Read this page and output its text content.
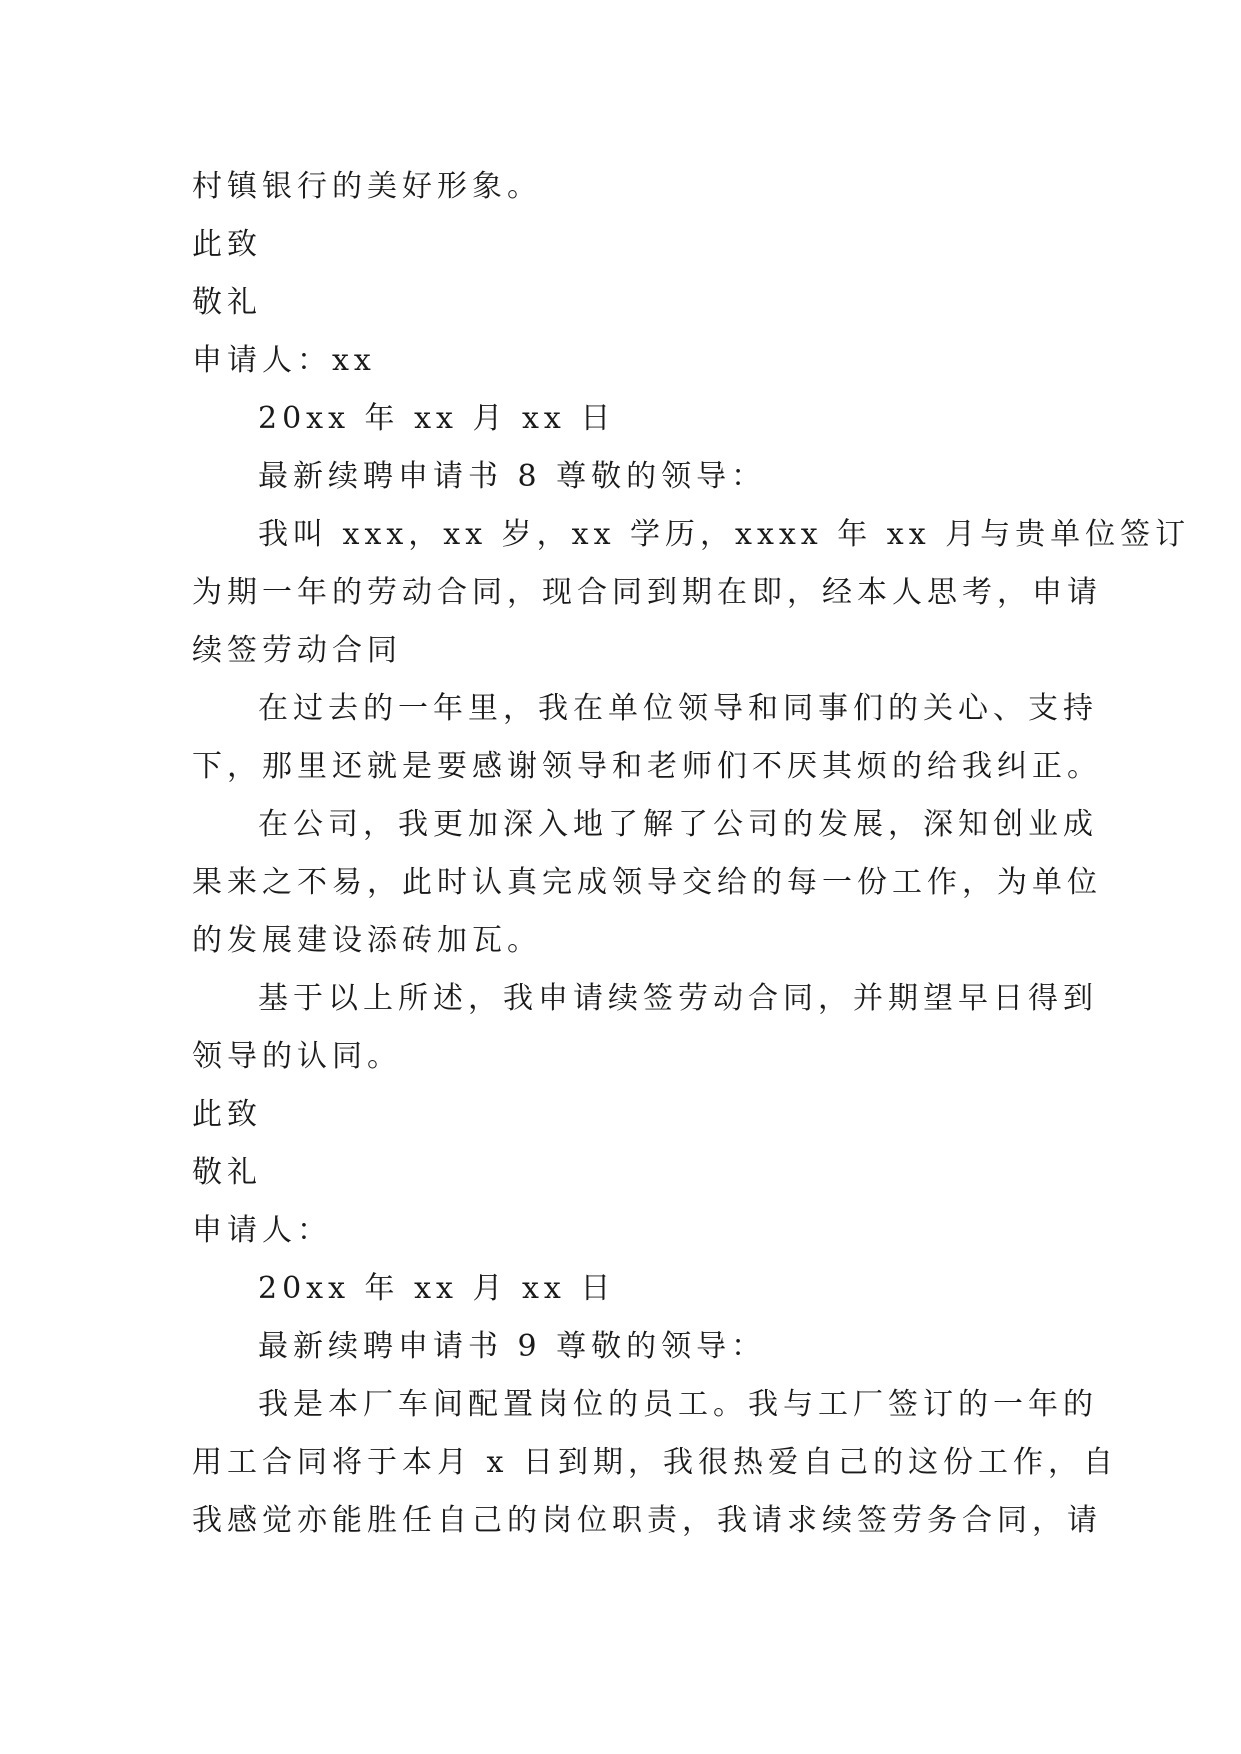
村镇银行的美好形象。
此致
敬礼
申请人：xx
20xx 年 xx 月 xx 日
最新续聘申请书 8 尊敬的领导：
我叫 xxx，xx 岁，xx 学历，xxxx 年 xx 月与贵单位签订
为期一年的劳动合同，现合同到期在即，经本人思考，申请
续签劳动合同
在过去的一年里，我在单位领导和同事们的关心、支持
下，那里还就是要感谢领导和老师们不厌其烦的给我纠正。
在公司，我更加深入地了解了公司的发展，深知创业成
果来之不易，此时认真完成领导交给的每一份工作，为单位
的发展建设添砖加瓦。
基于以上所述，我申请续签劳动合同，并期望早日得到
领导的认同。
此致
敬礼
申请人：
20xx 年 xx 月 xx 日
最新续聘申请书 9 尊敬的领导：
我是本厂车间配置岗位的员工。我与工厂签订的一年的
用工合同将于本月 x 日到期，我很热爱自己的这份工作，自
我感觉亦能胜任自己的岗位职责，我请求续签劳务合同，请
